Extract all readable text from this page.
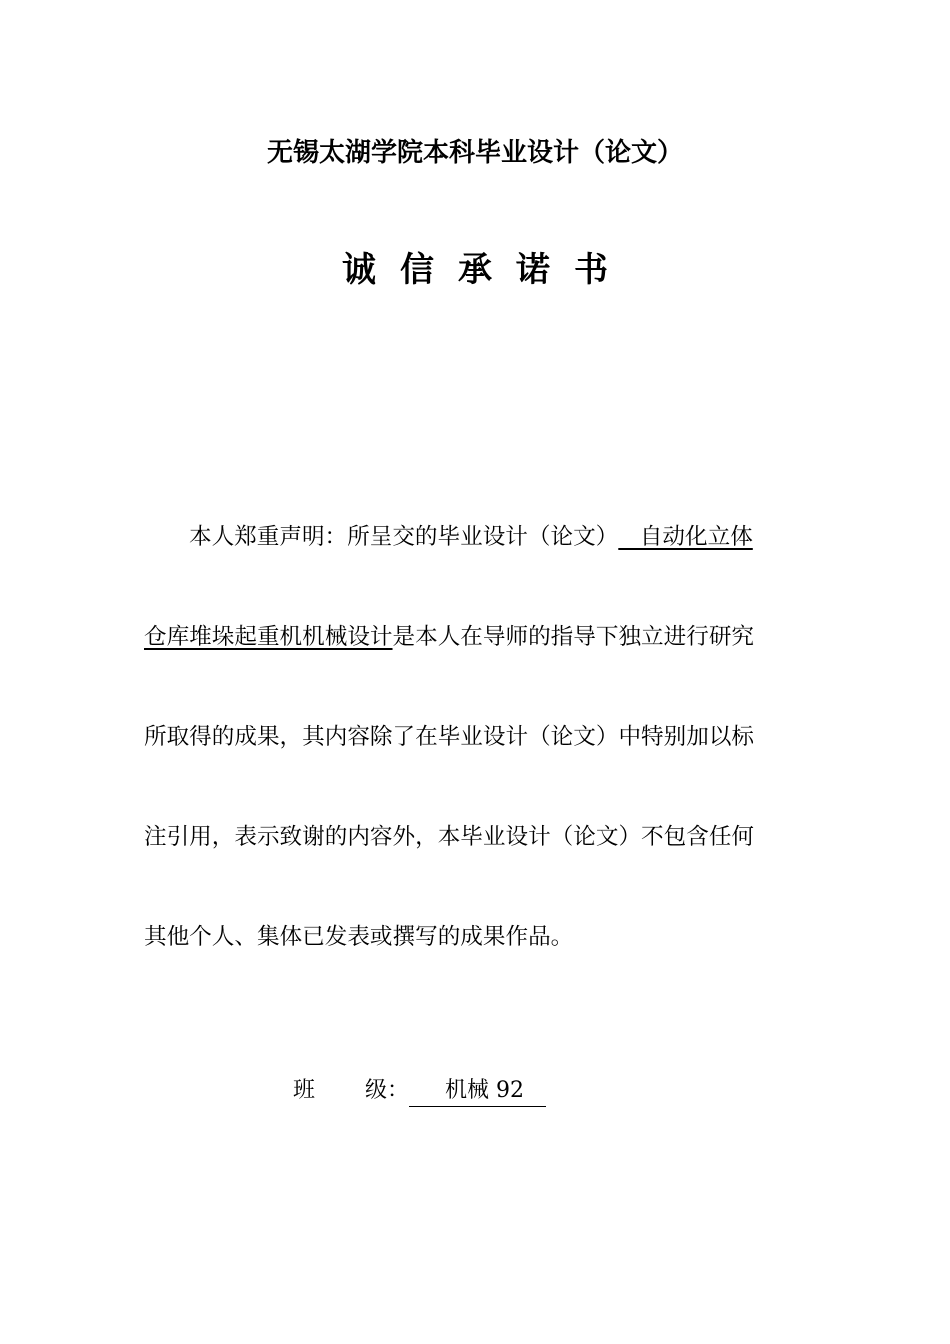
无锡太湖学院本科毕业设计（论文）
诚信承诺书
本人郑重声明：所呈交的毕业设计（论文）   自动化立体
仓库堆垛起重机机械设计是本人在导师的指导下独立进行研究
所取得的成果，其内容除了在毕业设计（论文）中特别加以标
注引用，表示致谢的内容外，本毕业设计（论文）不包含任何
其他个人、集体已发表或撰写的成果作品。
班 级： 机械 92
